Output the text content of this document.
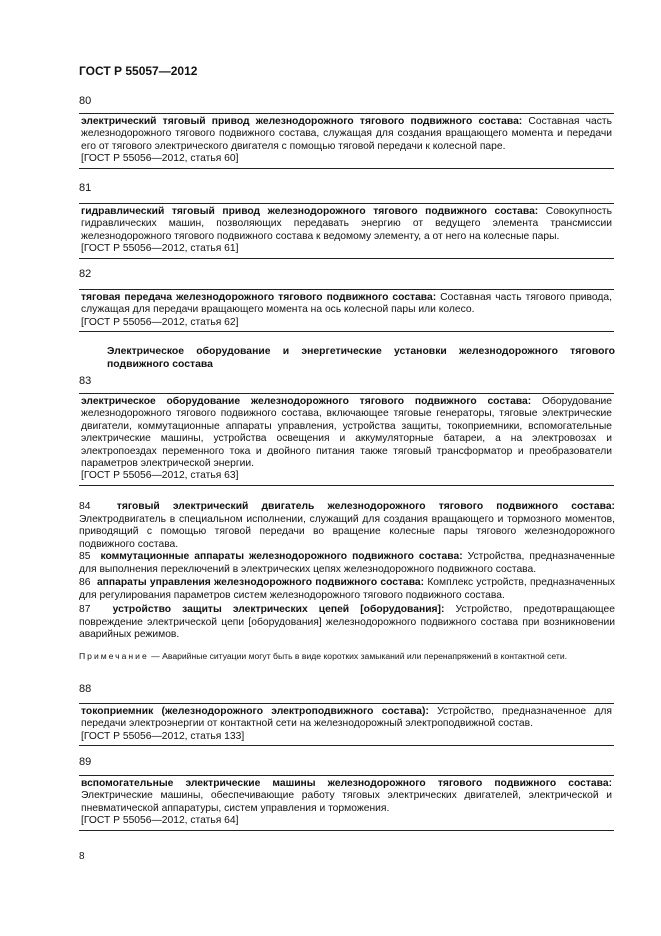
ГОСТ Р 55057—2012
80
электрический тяговый привод железнодорожного тягового подвижного состава: Составная часть железнодорожного тягового подвижного состава, служащая для создания вращающего момента и передачи его от тягового электрического двигателя с помощью тяговой передачи к колесной паре.
[ГОСТ Р 55056—2012, статья 60]
81
гидравлический тяговый привод железнодорожного тягового подвижного состава: Совокупность гидравлических машин, позволяющих передавать энергию от ведущего элемента трансмиссии железнодорожного тягового подвижного состава к ведомому элементу, а от него на колесные пары.
[ГОСТ Р 55056—2012, статья 61]
82
тяговая передача железнодорожного тягового подвижного состава: Составная часть тягового привода, служащая для передачи вращающего момента на ось колесной пары или колесо.
[ГОСТ Р 55056—2012, статья 62]
Электрическое оборудование и энергетические установки железнодорожного тягового подвижного состава
83
электрическое оборудование железнодорожного тягового подвижного состава: Оборудование железнодорожного тягового подвижного состава, включающее тяговые генераторы, тяговые электрические двигатели, коммутационные аппараты управления, устройства защиты, токоприемники, вспомогательные электрические машины, устройства освещения и аккумуляторные батареи, а на электровозах и электропоездах переменного тока и двойного питания также тяговый трансформатор и преобразователи параметров электрической энергии.
[ГОСТ Р 55056—2012, статья 63]
84	тяговый электрический двигатель железнодорожного тягового подвижного состава: Электродвигатель в специальном исполнении, служащий для создания вращающего и тормозного моментов, приводящий с помощью тяговой передачи во вращение колесные пары тягового железнодорожного подвижного состава.
85 коммутационные аппараты железнодорожного подвижного состава: Устройства, предназначенные для выполнения переключений в электрических цепях железнодорожного подвижного состава.
86 аппараты управления железнодорожного подвижного состава: Комплекс устройств, предназначенных для регулирования параметров систем железнодорожного тягового подвижного состава.
87 устройство защиты электрических цепей [оборудования]: Устройство, предотвращающее повреждение электрической цепи [оборудования] железнодорожного подвижного состава при возникновении аварийных режимов.
Примечание — Аварийные ситуации могут быть в виде коротких замыканий или перенапряжений в контактной сети.
88
токоприемник (железнодорожного электроподвижного состава): Устройство, предназначенное для передачи электроэнергии от контактной сети на железнодорожный электроподвижной состав.
[ГОСТ Р 55056—2012, статья 133]
89
вспомогательные электрические машины железнодорожного тягового подвижного состава: Электрические машины, обеспечивающие работу тяговых электрических двигателей, электрической и пневматической аппаратуры, систем управления и торможения.
[ГОСТ Р 55056—2012, статья 64]
8
